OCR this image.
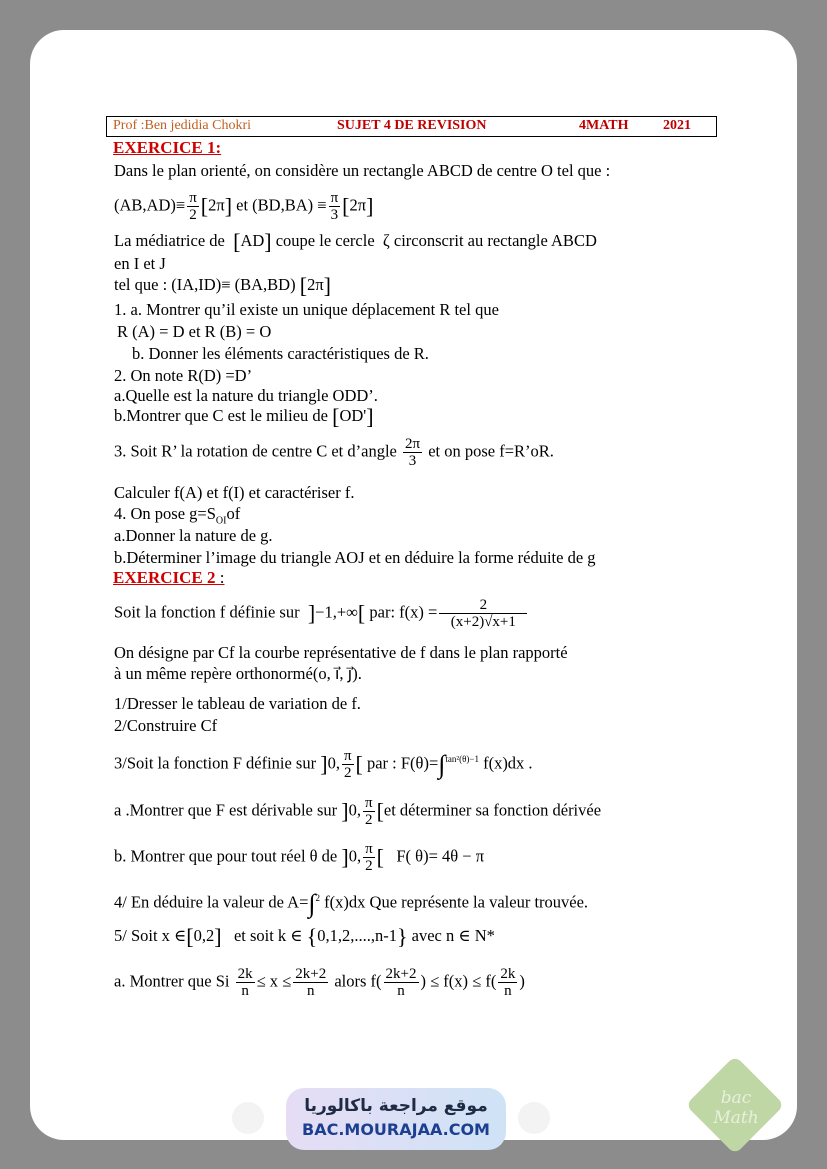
Prof :Ben jedidia Chokri	SUJET 4 DE REVISION	4MATH 2021
EXERCICE 1:
Dans le plan orienté, on considère un rectangle ABCD de centre O tel que :
$(AB,AD)\equiv \frac{\pi}{2} [2\pi]$ et $(BD,BA) \equiv \frac{\pi}{3} [2\pi]$
La médiatrice de [AD] coupe le cercle  ζ circonscrit au rectangle ABCD
en I et J
tel que : (IA,ID)≡ (BA,BD) [2π]
1. a. Montrer qu’il existe un unique déplacement R tel que
R (A) = D et R (B) = O
b. Donner les éléments caractéristiques de R.
2. On note R(D) =D’
a.Quelle est la nature du triangle ODD’.
b.Montrer que C est le milieu de [OD']
3. Soit R’ la rotation de centre C et d’angle $\frac{2\pi}{3}$ et on pose f=R’oR.
Calculer f(A) et f(I) et caractériser f.
4. On pose $g=S_{OI}of$
a.Donner la nature de g.
b.Déterminer l’image du triangle AOJ et en déduire la forme réduite de g
EXERCICE 2 :
Soit la fonction f définie sur ]−1,+∞[ par: $f(x) = \frac{2}{(x+2)√x+1}$
On désigne par Cf la courbe représentative de f dans le plan rapporté
à un même repère orthonormé(o, i⃗, j⃗).
1/Dresser le tableau de variation de f.
2/Construire Cf
3/Soit la fonction F définie sur ]0, $\frac{\pi}{2}$ [ par : F(θ)=∫$^{tan^2(\theta)-1}$ f(x)dx .
a .Montrer que F est dérivable sur ]0, $\frac{\pi}{2} [et$ déterminer sa fonction dérivée
b. Montrer que pour tout réel θ de ]0, $\frac{\pi}{2}$ [ F( θ)= 4θ − π
4/ En déduire la valeur de A=∫$^2$ f(x)dx Que représente la valeur trouvée.
5/ Soit x ∈[0,2] et soit k ∈ {0,1,2,....,n-1} avec n ∈ N*
a. Montrer que Si $\frac{2k}{n} \le x \le \frac{2k+2}{n}$ alors $f( \frac{2k+2}{n}$ ) ≤ $f(x) \le f( \frac{2k}{n}$ )
موقع مراجعة باكالوريا
BAC.MOURAJAA.COM
bac Math
